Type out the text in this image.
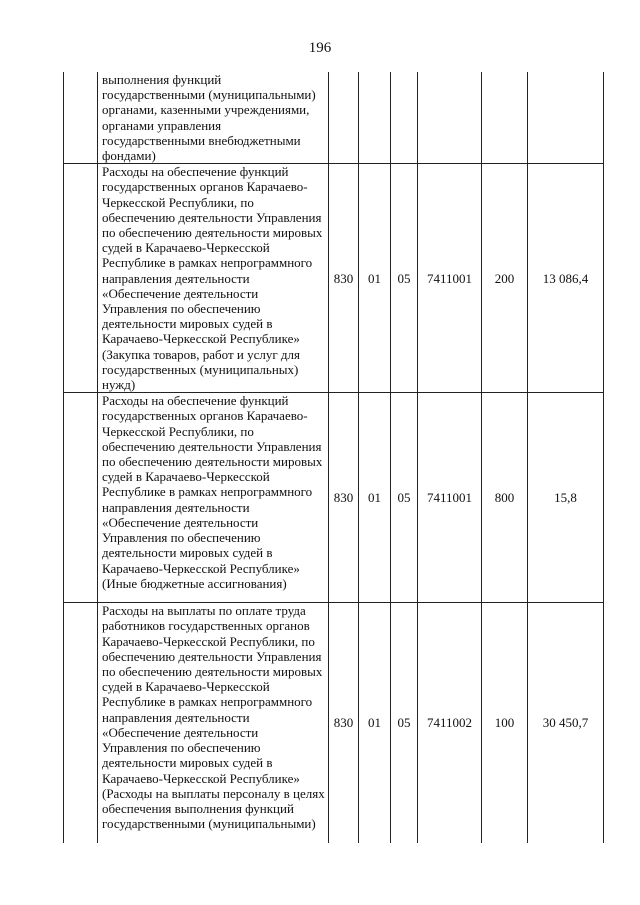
196
	выполнения функций государственными (муниципальными) органами, казенными учреждениями, органами управления государственными внебюджетными фондами)						
	Расходы на обеспечение функций государственных органов Карачаево-Черкесской Республики, по обеспечению деятельности Управления по обеспечению деятельности мировых судей в Карачаево-Черкесской Республике в рамках непрограммного направления деятельности «Обеспечение деятельности Управления по обеспечению деятельности мировых судей в Карачаево-Черкесской Республике» (Закупка товаров, работ и услуг для государственных (муниципальных) нужд)	830	01	05	7411001	200	13 086,4
	Расходы на обеспечение функций государственных органов Карачаево-Черкесской Республики, по обеспечению деятельности Управления по обеспечению деятельности мировых судей в Карачаево-Черкесской Республике в рамках непрограммного направления деятельности «Обеспечение деятельности Управления по обеспечению деятельности мировых судей в Карачаево-Черкесской Республике» (Иные бюджетные ассигнования)	830	01	05	7411001	800	15,8
	Расходы на выплаты по оплате труда работников государственных органов Карачаево-Черкесской Республики, по обеспечению деятельности Управления по обеспечению деятельности мировых судей в Карачаево-Черкесской Республике в рамках непрограммного направления деятельности «Обеспечение деятельности Управления по обеспечению деятельности мировых судей в Карачаево-Черкесской Республике» (Расходы на выплаты персоналу в целях обеспечения выполнения функций государственными (муниципальными)	830	01	05	7411002	100	30 450,7
